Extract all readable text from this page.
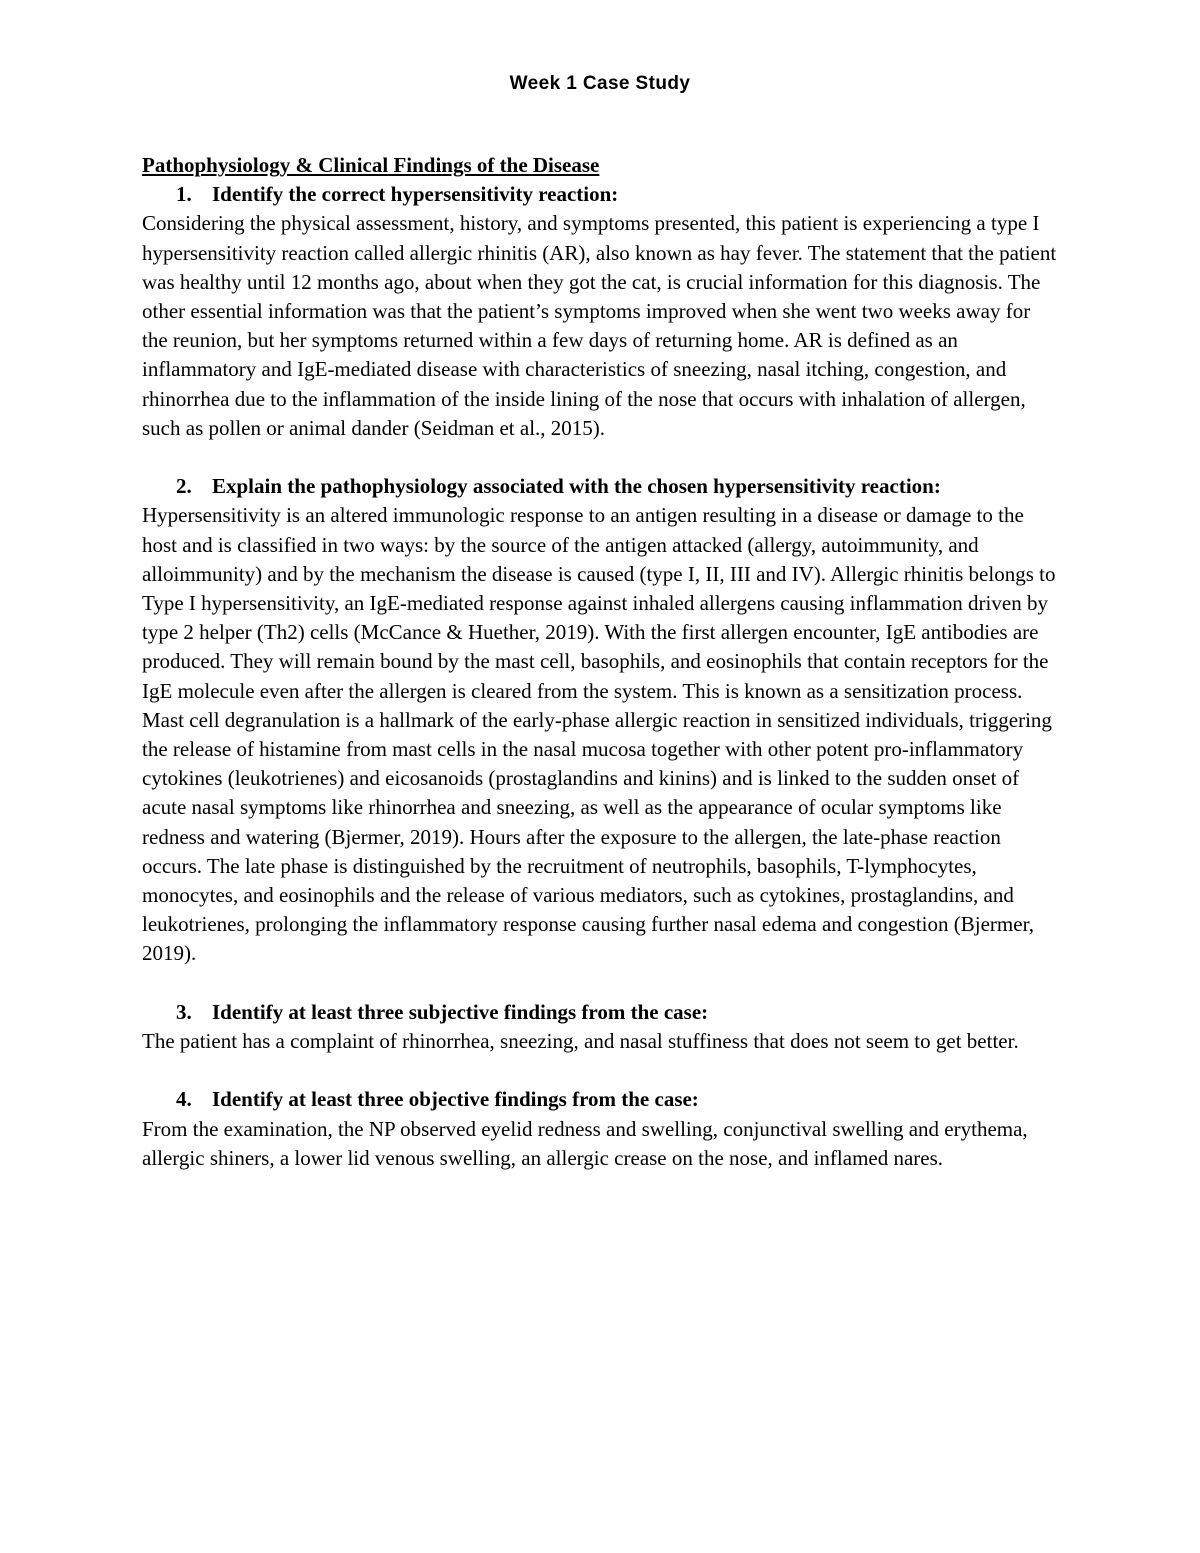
Week 1 Case Study

Pathophysiology & Clinical Findings of the Disease

1. Identify the correct hypersensitivity reaction:

Considering the physical assessment, history, and symptoms presented, this patient is experiencing a type I hypersensitivity reaction called allergic rhinitis (AR), also known as hay fever. The statement that the patient was healthy until 12 months ago, about when they got the cat, is crucial information for this diagnosis. The other essential information was that the patient’s symptoms improved when she went two weeks away for the reunion, but her symptoms returned within a few days of returning home. AR is defined as an inflammatory and IgE-mediated disease with characteristics of sneezing, nasal itching, congestion, and rhinorrhea due to the inflammation of the inside lining of the nose that occurs with inhalation of allergen, such as pollen or animal dander (Seidman et al., 2015).

2. Explain the pathophysiology associated with the chosen hypersensitivity reaction:

Hypersensitivity is an altered immunologic response to an antigen resulting in a disease or damage to the host and is classified in two ways: by the source of the antigen attacked (allergy, autoimmunity, and alloimmunity) and by the mechanism the disease is caused (type I, II, III and IV). Allergic rhinitis belongs to Type I hypersensitivity, an IgE-mediated response against inhaled allergens causing inflammation driven by type 2 helper (Th2) cells (McCance & Huether, 2019). With the first allergen encounter, IgE antibodies are produced. They will remain bound by the mast cell, basophils, and eosinophils that contain receptors for the IgE molecule even after the allergen is cleared from the system. This is known as a sensitization process. Mast cell degranulation is a hallmark of the early-phase allergic reaction in sensitized individuals, triggering the release of histamine from mast cells in the nasal mucosa together with other potent pro-inflammatory cytokines (leukotrienes) and eicosanoids (prostaglandins and kinins) and is linked to the sudden onset of acute nasal symptoms like rhinorrhea and sneezing, as well as the appearance of ocular symptoms like redness and watering (Bjermer, 2019). Hours after the exposure to the allergen, the late-phase reaction occurs. The late phase is distinguished by the recruitment of neutrophils, basophils, T-lymphocytes, monocytes, and eosinophils and the release of various mediators, such as cytokines, prostaglandins, and leukotrienes, prolonging the inflammatory response causing further nasal edema and congestion (Bjermer, 2019).

3. Identify at least three subjective findings from the case:

The patient has a complaint of rhinorrhea, sneezing, and nasal stuffiness that does not seem to get better.

4. Identify at least three objective findings from the case:

From the examination, the NP observed eyelid redness and swelling, conjunctival swelling and erythema, allergic shiners, a lower lid venous swelling, an allergic crease on the nose, and inflamed nares.
